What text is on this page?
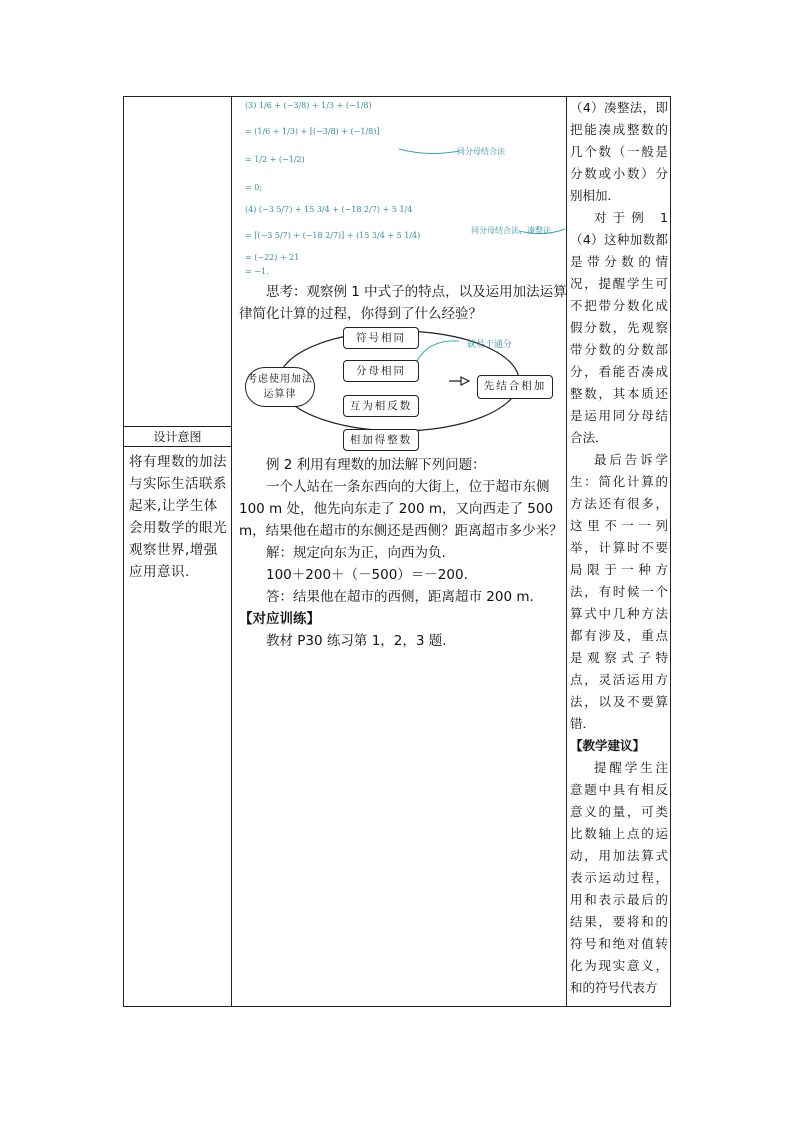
设计意图
将有理数的加法与实际生活联系起来,让学生体会用数学的眼光观察世界,增强应用意识.
(3) 1/6 + (−3/8) + 1/3 + (−1/8)
= (1/6 + 1/3) + [(−3/8) + (−1/8)]
= 1/2 + (−1/2)
= 0;
(4) (−3 5/7) + 15 3/4 + (−18 2/7) + 5 1/4
= [(−3 5/7) + (−18 2/7)] + (15 3/4 + 5 1/4)
= (−22) + 21
= −1.
同分母结合法
同分母结合法、凑整法
思考：观察例 1 中式子的特点，以及运用加法运算律简化计算的过程，你得到了什么经验？
考虑使用加法运算律
符号相同
分母相同
互为相反数
相加得整数
先结合相加
就易于通分
例 2 利用有理数的加法解下列问题：
一个人站在一条东西向的大街上，位于超市东侧 100 m 处，他先向东走了 200 m，又向西走了 500 m，结果他在超市的东侧还是西侧？距离超市多少米？
解：规定向东为正，向西为负.
100＋200＋（－500）＝－200.
答：结果他在超市的西侧，距离超市 200 m.
【对应训练】
教材 P30 练习第 1，2，3 题.

（4）凑整法，即把能凑成整数的几个数（一般是分数或小数）分别相加．

对于例 1（4）这种加数都是带分数的情况，提醒学生可不把带分数化成假分数，先观察带分数的分数部分，看能否凑成整数，其本质还是运用同分母结合法．

最后告诉学生：简化计算的方法还有很多，这里不一一列举，计算时不要局限于一种方法，有时候一个算式中几种方法都有涉及，重点是观察式子特点，灵活运用方法，以及不要算错．

【教学建议】

提醒学生注意题中具有相反意义的量，可类比数轴上点的运动，用加法算式表示运动过程，用和表示最后的结果，要将和的符号和绝对值转化为现实意义，和的符号代表方
